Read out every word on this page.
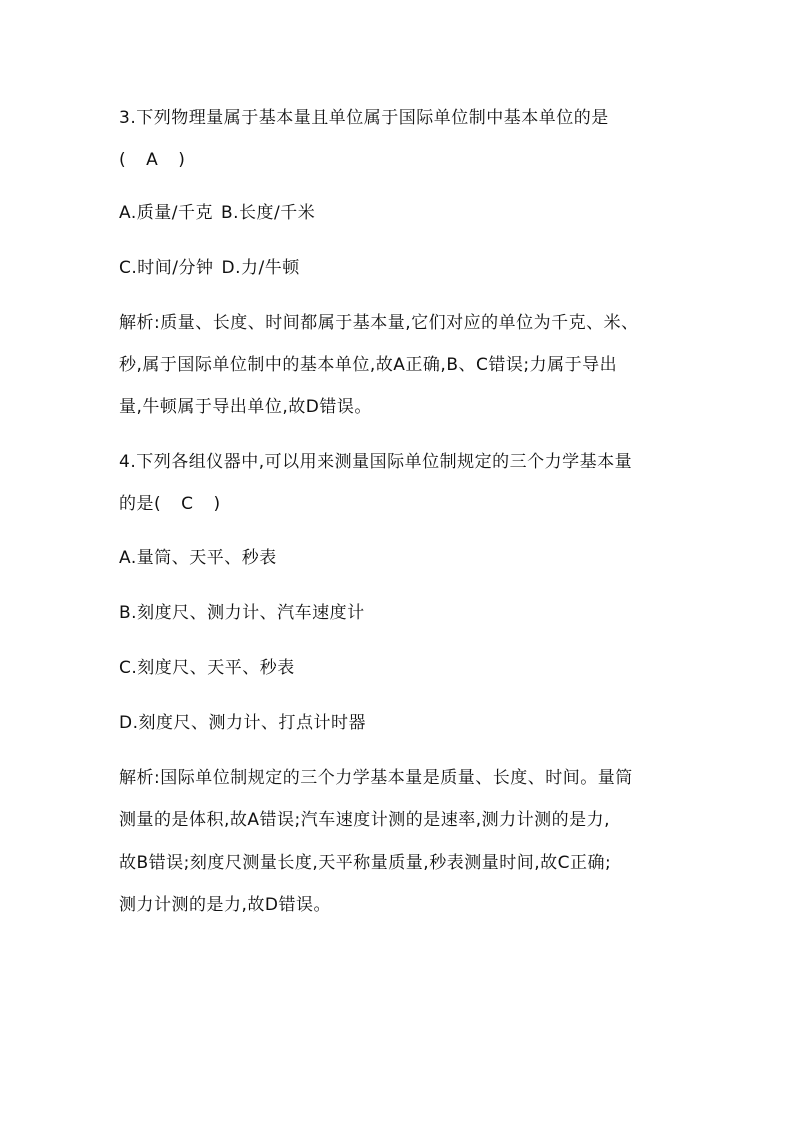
3.下列物理量属于基本量且单位属于国际单位制中基本单位的是
( A )
A.质量/千克 B.长度/千米
C.时间/分钟 D.力/牛顿
解析:质量、长度、时间都属于基本量,它们对应的单位为千克、米、
秒,属于国际单位制中的基本单位,故A正确,B、C错误;力属于导出
量,牛顿属于导出单位,故D错误。
4.下列各组仪器中,可以用来测量国际单位制规定的三个力学基本量
的是( C )
A.量筒、天平、秒表
B.刻度尺、测力计、汽车速度计
C.刻度尺、天平、秒表
D.刻度尺、测力计、打点计时器
解析:国际单位制规定的三个力学基本量是质量、长度、时间。量筒
测量的是体积,故A错误;汽车速度计测的是速率,测力计测的是力,
故B错误;刻度尺测量长度,天平称量质量,秒表测量时间,故C正确;
测力计测的是力,故D错误。
